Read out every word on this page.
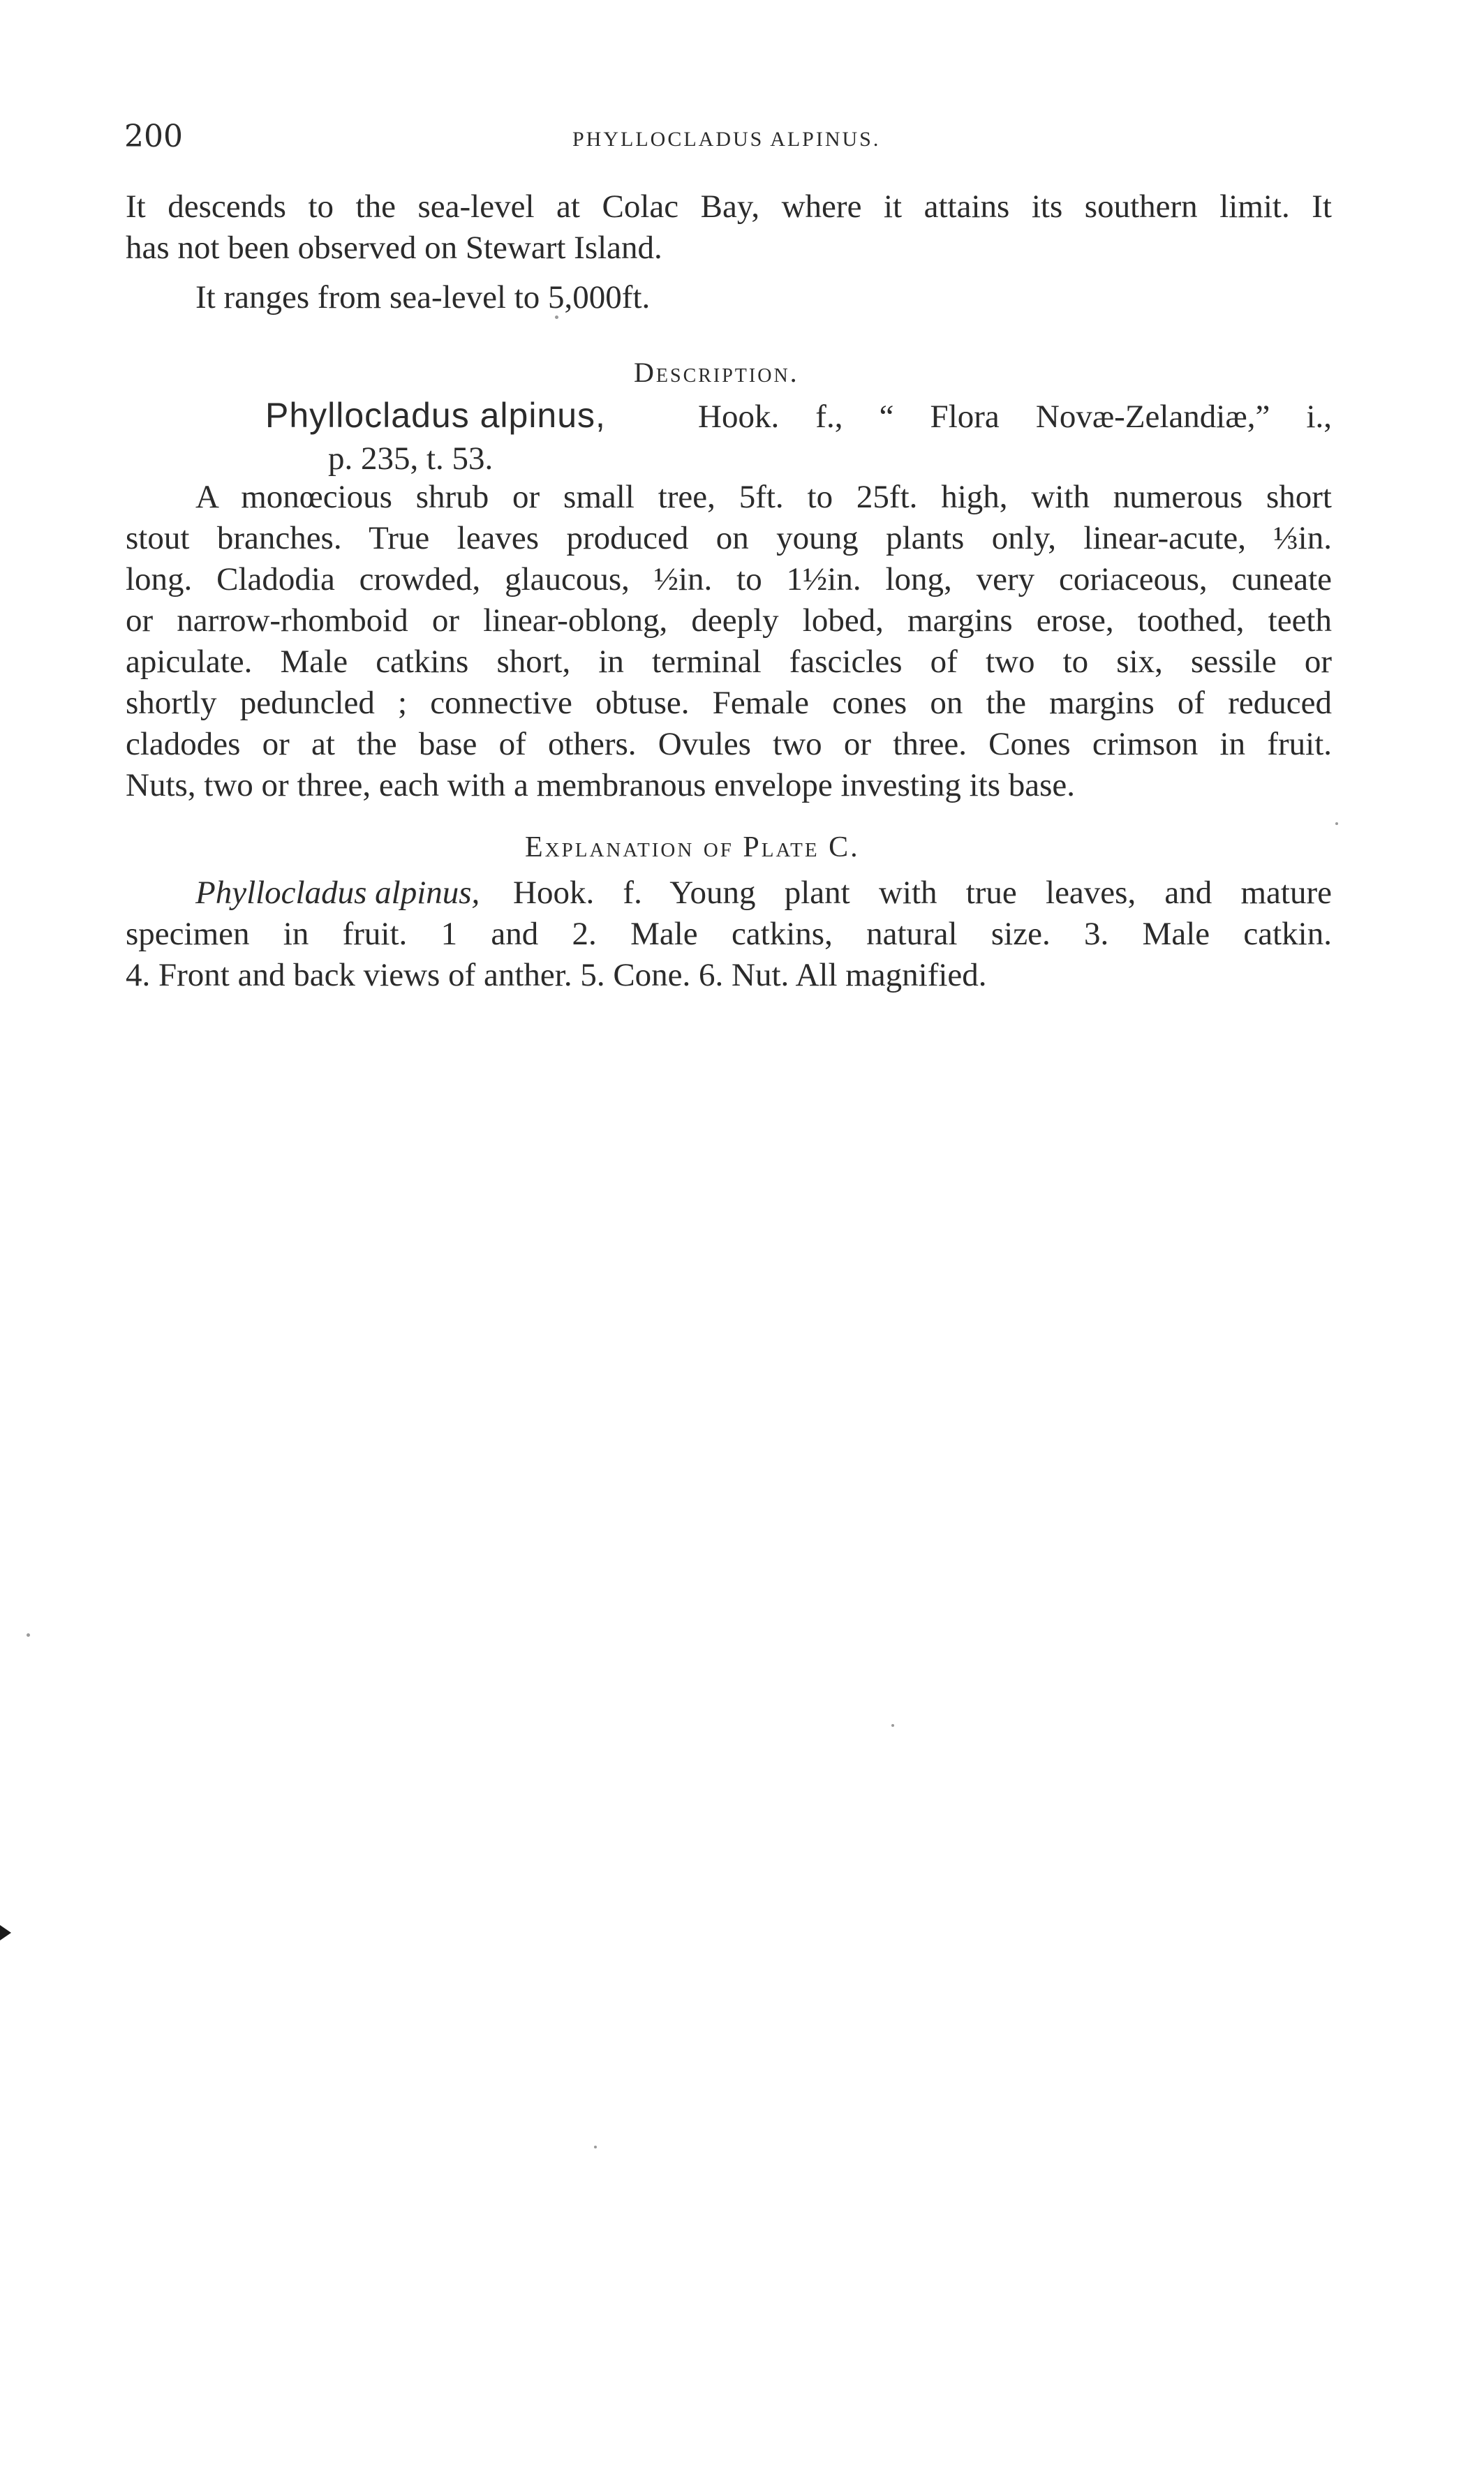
200	PHYLLOCLADUS ALPINUS.
It descends to the sea-level at Colac Bay, where it attains its southern limit. It
has not been observed on Stewart Island.
It ranges from sea-level to 5,000ft.
Description.
Phyllocladus alpinus,	Hook. f., “ Flora Novæ-Zelandiæ,” i.,
p. 235, t. 53.
A monœcious shrub or small tree, 5ft. to 25ft. high, with numerous short
stout branches. True leaves produced on young plants only, linear-acute, ⅓in.
long. Cladodia crowded, glaucous, ½in. to 1½in. long, very coriaceous, cuneate
or narrow-rhomboid or linear-oblong, deeply lobed, margins erose, toothed, teeth
apiculate. Male catkins short, in terminal fascicles of two to six, sessile or
shortly peduncled ; connective obtuse. Female cones on the margins of reduced
cladodes or at the base of others. Ovules two or three. Cones crimson in fruit.
Nuts, two or three, each with a membranous envelope investing its base.
Explanation of Plate C.
Phyllocladus alpinus, Hook. f. Young plant with true leaves, and mature
specimen in fruit. 1 and 2. Male catkins, natural size. 3. Male catkin.
4. Front and back views of anther. 5. Cone. 6. Nut. All magnified.
